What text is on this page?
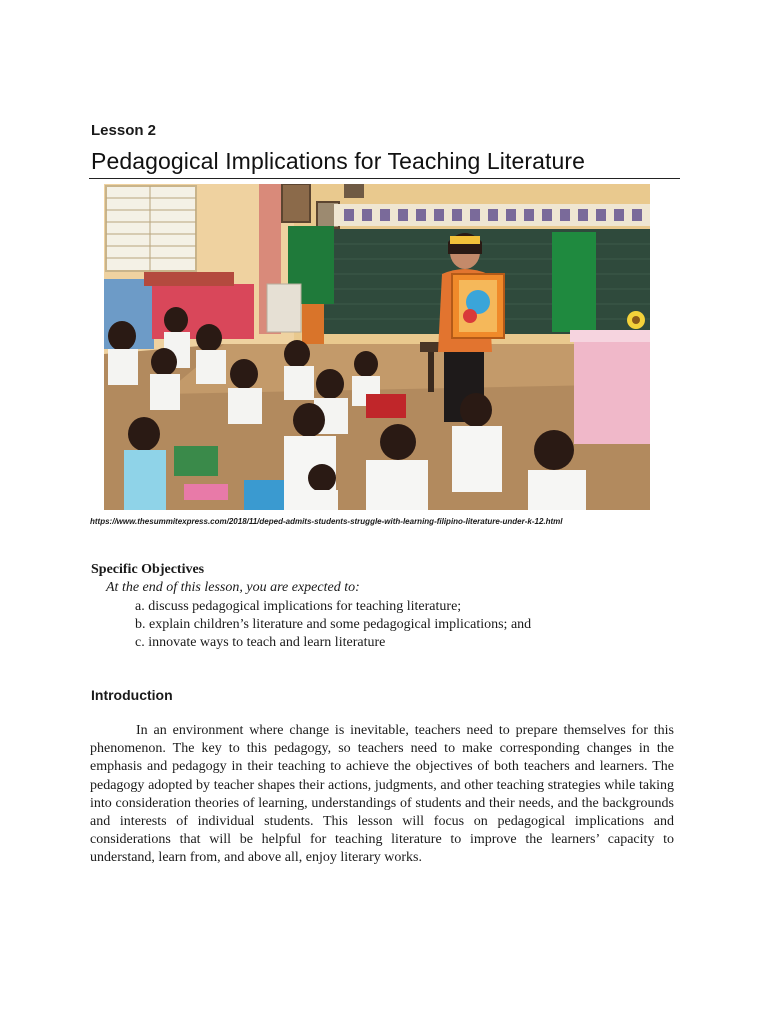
Lesson 2
Pedagogical Implications for Teaching Literature
https://www.thesummitexpress.com/2018/11/deped-admits-students-struggle-with-learning-filipino-literature-under-k-12.html
Specific Objectives
At the end of this lesson, you are expected to:
a. discuss pedagogical implications for teaching literature;
b. explain children’s literature and some pedagogical implications; and
c. innovate ways to teach and learn literature
Introduction

In an environment where change is inevitable, teachers need to prepare themselves for this phenomenon. The key to this pedagogy, so teachers need to make corresponding changes in the emphasis and pedagogy in their teaching to achieve the objectives of both teachers and learners. The pedagogy adopted by teacher shapes their actions, judgments, and other teaching strategies while taking into consideration theories of learning, understandings of students and their needs, and the backgrounds and interests of individual students. This lesson will focus on pedagogical implications and considerations that will be helpful for teaching literature to improve the learners’ capacity to understand, learn from, and above all, enjoy literary works.
